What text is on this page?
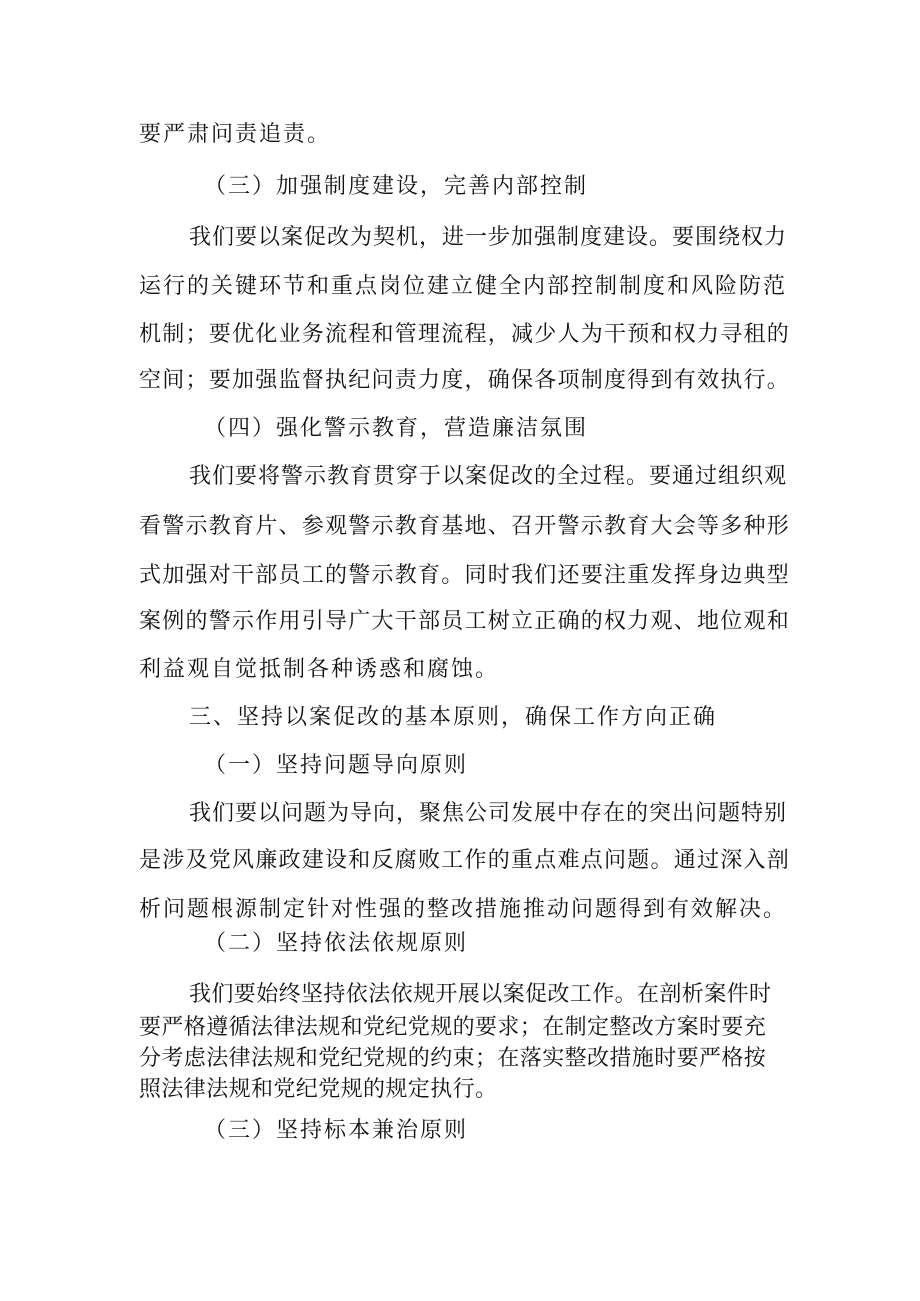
要严肃问责追责。
（三）加强制度建设，完善内部控制
我们要以案促改为契机，进一步加强制度建设。要围绕权力
运行的关键环节和重点岗位建立健全内部控制制度和风险防范
机制；要优化业务流程和管理流程，减少人为干预和权力寻租的
空间；要加强监督执纪问责力度，确保各项制度得到有效执行。
（四）强化警示教育，营造廉洁氛围
我们要将警示教育贯穿于以案促改的全过程。要通过组织观
看警示教育片、参观警示教育基地、召开警示教育大会等多种形
式加强对干部员工的警示教育。同时我们还要注重发挥身边典型
案例的警示作用引导广大干部员工树立正确的权力观、地位观和
利益观自觉抵制各种诱惑和腐蚀。
三、坚持以案促改的基本原则，确保工作方向正确
（一）坚持问题导向原则
我们要以问题为导向，聚焦公司发展中存在的突出问题特别
是涉及党风廉政建设和反腐败工作的重点难点问题。通过深入剖
析问题根源制定针对性强的整改措施推动问题得到有效解决。
（二）坚持依法依规原则
我们要始终坚持依法依规开展以案促改工作。在剖析案件时
要严格遵循法律法规和党纪党规的要求；在制定整改方案时要充
分考虑法律法规和党纪党规的约束；在落实整改措施时要严格按
照法律法规和党纪党规的规定执行。
（三）坚持标本兼治原则
